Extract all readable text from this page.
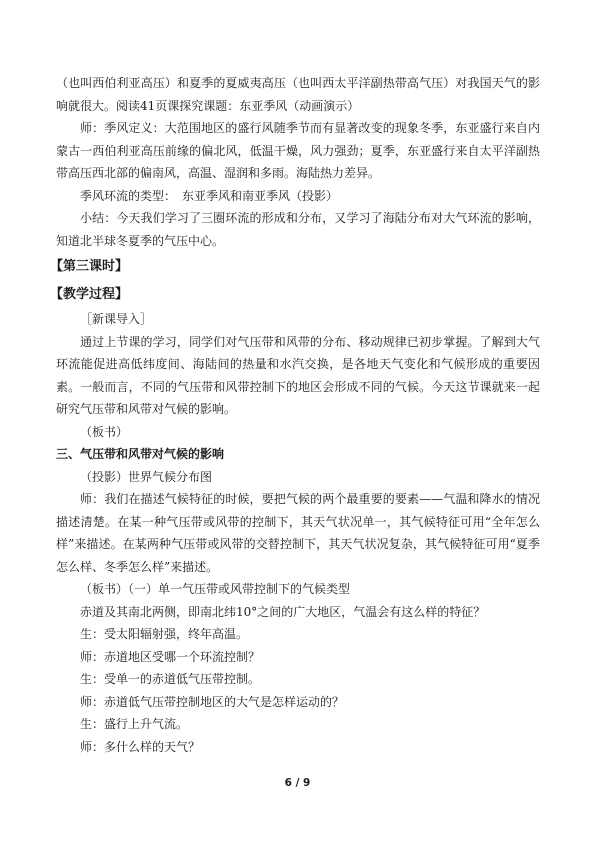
（也叫西伯利亚高压）和夏季的夏威夷高压（也叫西太平洋副热带高气压）对我国天气的影响就很大。阅读41页课探究课题：东亚季风（动画演示）

师：季风定义：大范围地区的盛行风随季节而有显著改变的现象冬季，东亚盛行来自内蒙古一西伯利亚高压前缘的偏北风，低温干燥，风力强劲；夏季，东亚盛行来自太平洋副热带高压西北部的偏南风，高温、湿润和多雨。海陆热力差异。

季风环流的类型：　东亚季风和南亚季风（投影）

小结：今天我们学习了三圈环流的形成和分布，又学习了海陆分布对大气环流的影响，知道北半球冬夏季的气压中心。

【第三课时】

【教学过程】

［新课导入］

通过上节课的学习，同学们对气压带和风带的分布、移动规律已初步掌握。了解到大气环流能促进高低纬度间、海陆间的热量和水汽交换，是各地天气变化和气候形成的重要因素。一般而言，不同的气压带和风带控制下的地区会形成不同的气候。今天这节课就来一起研究气压带和风带对气候的影响。

（板书）

三、气压带和风带对气候的影响

（投影）世界气候分布图

师：我们在描述气候特征的时候，要把气候的两个最重要的要素——气温和降水的情况描述清楚。在某一种气压带或风带的控制下，其天气状况单一，其气候特征可用“全年怎么样”来描述。在某两种气压带或风带的交替控制下，其天气状况复杂，其气候特征可用“夏季怎么样、冬季怎么样”来描述。

（板书）（一）单一气压带或风带控制下的气候类型

赤道及其南北两侧，即南北纬10°之间的广大地区，气温会有这么样的特征？

生：受太阳辐射强，终年高温。

师：赤道地区受哪一个环流控制？

生：受单一的赤道低气压带控制。

师：赤道低气压带控制地区的大气是怎样运动的？

生：盛行上升气流。

师：多什么样的天气？

6 / 9
